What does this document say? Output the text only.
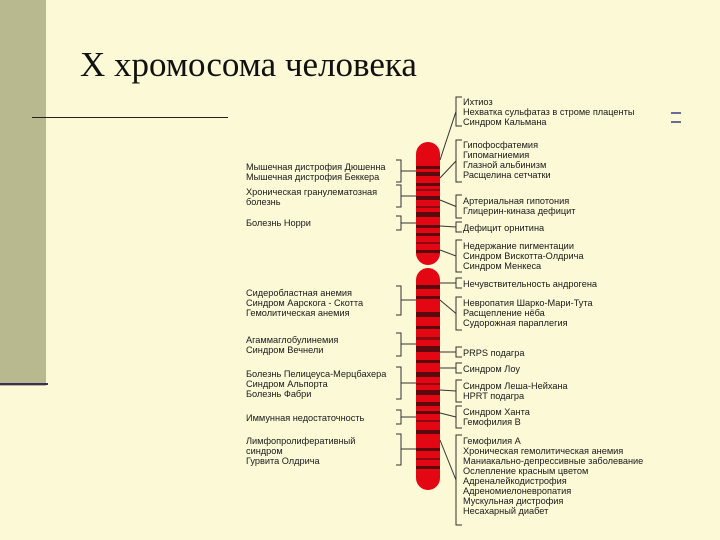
X хромосома человека
Мышечная дистрофия Дюшенна
Мышечная дистрофия Беккера
Хроническая гранулематозная
болезнь
Болезнь Норри
Сидеробластная анемия
Синдром Аарскога - Скотта
Гемолитическая анемия
Агаммаглобулинемия
Синдром Вечнели
Болезнь Пелицеуса-Мерцбахера
Синдром Альпорта
Болезнь Фабри
Иммунная недостаточность
Лимфопролиферативный
синдром
Гурвита Олдрича
Ихтиоз
Нехватка сульфатаз в строме плаценты
Синдром Кальмана
Гипофосфатемия
Гипомагниемия
Глазной альбинизм
Расщелина сетчатки
Артериальная гипотония
Глицерин-киназа дефицит
Дефицит орнитина
Недержание пигментации
Синдром Вискотта-Олдрича
Синдром Менкеса
Нечувствительность андрогена
Невропатия Шарко-Мари-Тута
Расщепление нёба
Судорожная параплегия
PRPS подагра
Синдром Лоу
Синдром Леша-Нейхана
HPRT подагра
Синдром Ханта
Гемофилия В
Гемофилия А
Хроническая гемолитическая анемия
Маниакально-депрессивные заболевание
Ослепление красным цветом
Адреналейкодистрофия
Адреномиелоневропатия
Мускульная дистрофия
Несахарный диабет
